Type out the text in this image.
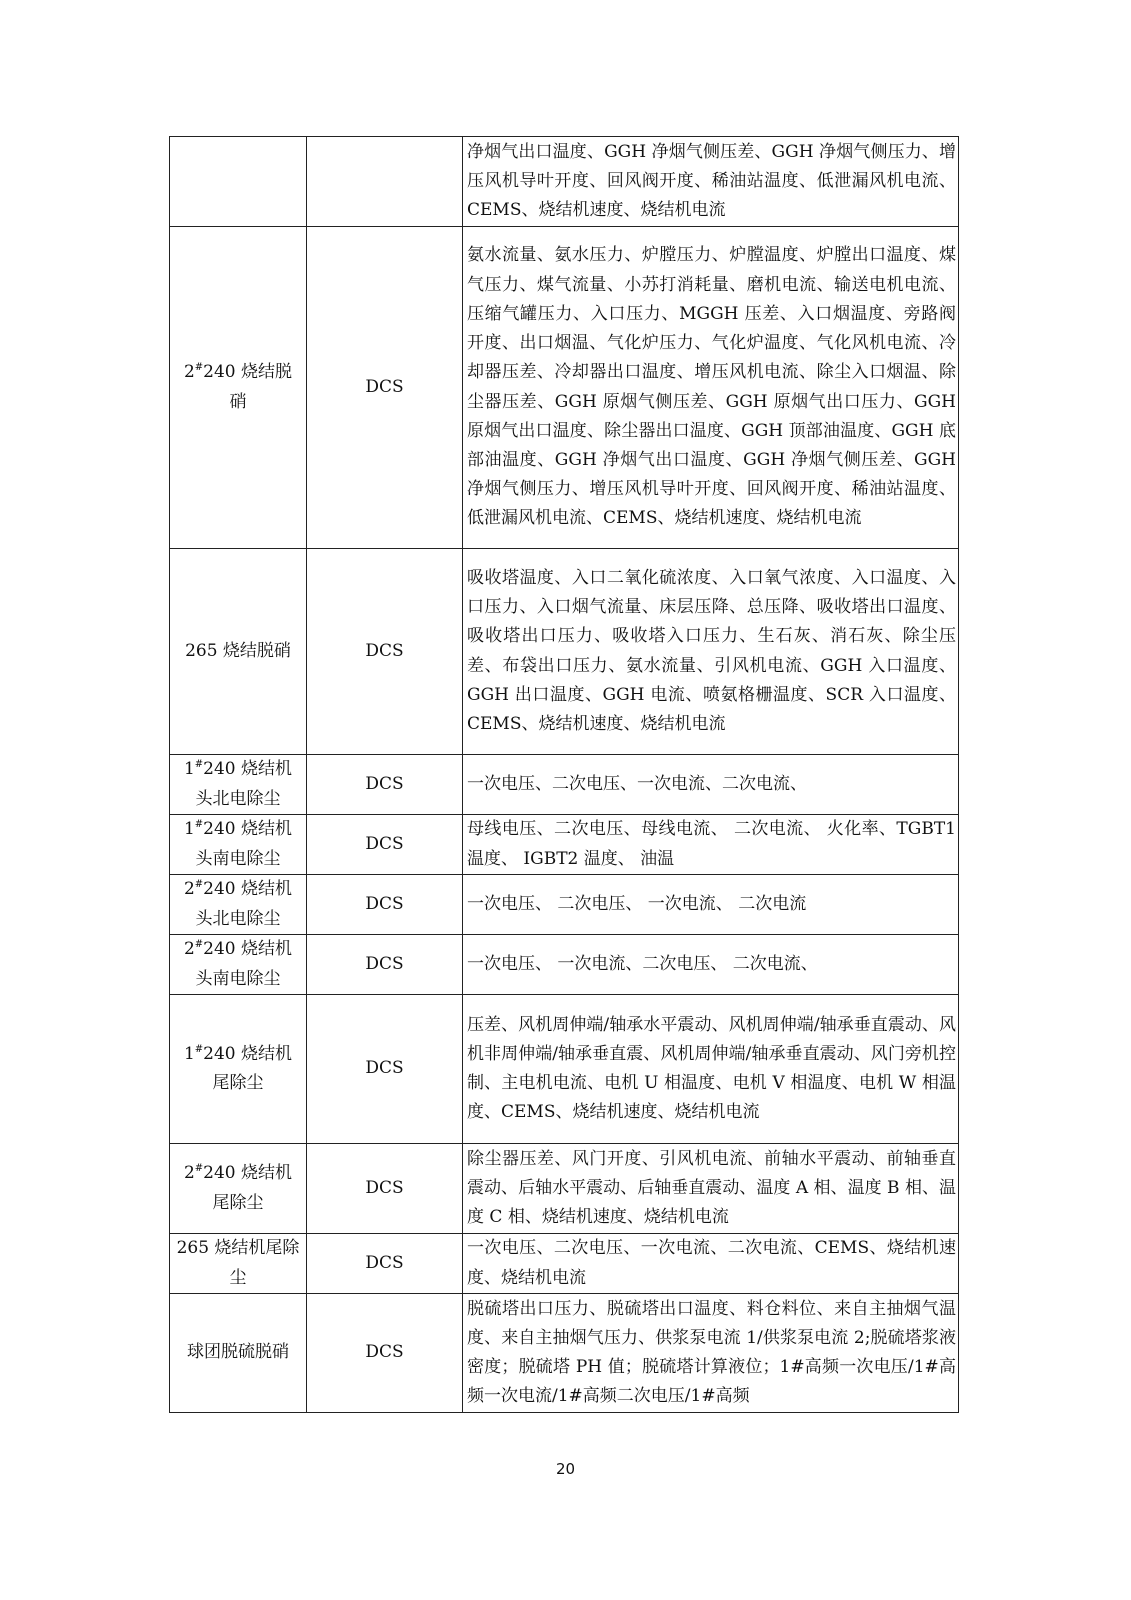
		净烟气出口温度、GGH 净烟气侧压差、GGH 净烟气侧压力、增压风机导叶开度、回风阀开度、稀油站温度、低泄漏风机电流、CEMS、烧结机速度、烧结机电流
2#240 烧结脱硝	DCS	氨水流量、氨水压力、炉膛压力、炉膛温度、炉膛出口温度、煤气压力、煤气流量、小苏打消耗量、磨机电流、输送电机电流、压缩气罐压力、入口压力、MGGH 压差、入口烟温度、旁路阀开度、出口烟温、气化炉压力、气化炉温度、气化风机电流、冷却器压差、冷却器出口温度、增压风机电流、除尘入口烟温、除尘器压差、GGH 原烟气侧压差、GGH 原烟气出口压力、GGH 原烟气出口温度、除尘器出口温度、GGH 顶部油温度、GGH 底部油温度、GGH 净烟气出口温度、GGH 净烟气侧压差、GGH 净烟气侧压力、增压风机导叶开度、回风阀开度、稀油站温度、低泄漏风机电流、CEMS、烧结机速度、烧结机电流
265 烧结脱硝	DCS	吸收塔温度、入口二氧化硫浓度、入口氧气浓度、入口温度、入口压力、入口烟气流量、床层压降、总压降、吸收塔出口温度、吸收塔出口压力、吸收塔入口压力、生石灰、消石灰、除尘压差、布袋出口压力、氨水流量、引风机电流、GGH 入口温度、GGH 出口温度、GGH 电流、喷氨格栅温度、SCR 入口温度、CEMS、烧结机速度、烧结机电流
1#240 烧结机头北电除尘	DCS	一次电压、二次电压、一次电流、二次电流、
1#240 烧结机头南电除尘	DCS	母线电压、二次电压、母线电流、 二次电流、 火化率、TGBT1 温度、 IGBT2 温度、 油温
2#240 烧结机头北电除尘	DCS	一次电压、 二次电压、 一次电流、 二次电流
2#240 烧结机头南电除尘	DCS	一次电压、 一次电流、二次电压、 二次电流、
1#240 烧结机尾除尘	DCS	压差、风机周伸端/轴承水平震动、风机周伸端/轴承垂直震动、风机非周伸端/轴承垂直震、风机周伸端/轴承垂直震动、风门旁机控制、主电机电流、电机 U 相温度、电机 V 相温度、电机 W 相温度、CEMS、烧结机速度、烧结机电流
2#240 烧结机尾除尘	DCS	除尘器压差、风门开度、引风机电流、前轴水平震动、前轴垂直震动、后轴水平震动、后轴垂直震动、温度 A 相、温度 B 相、温度 C 相、烧结机速度、烧结机电流
265 烧结机尾除尘	DCS	一次电压、二次电压、一次电流、二次电流、CEMS、烧结机速度、烧结机电流
球团脱硫脱硝	DCS	脱硫塔出口压力、脱硫塔出口温度、料仓料位、来自主抽烟气温度、来自主抽烟气压力、供浆泵电流 1/供浆泵电流 2;脱硫塔浆液密度；脱硫塔 PH 值；脱硫塔计算液位；1#高频一次电压/1#高频一次电流/1#高频二次电压/1#高频
20
